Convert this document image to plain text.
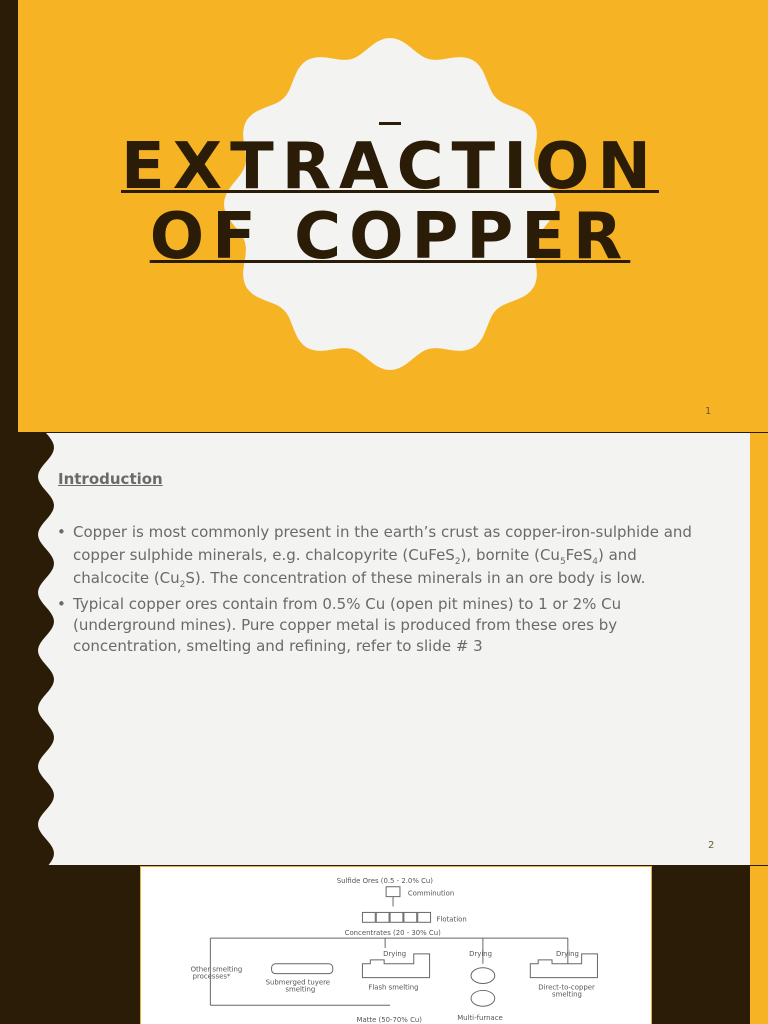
EXTRACTION
OF COPPER
1
Introduction
• Copper is most commonly present in the earth’s crust as copper-iron-sulphide and copper sulphide minerals, e.g. chalcopyrite (CuFeS$_2$), bornite $(Cu_5FeS_4)$ and chalcocite $(Cu_2S)$. The concentration of these minerals in an ore body is low.
• Typical copper ores contain from 0.5% Cu (open pit mines) to 1 or 2% Cu (underground mines). Pure copper metal is produced from these ores by concentration, smelting and refining, refer to slide # 3
2
Sulfide Ores (0.5 - 2.0% Cu)
Comminution
Flotation
Concentrates (20 - 30% Cu)
Drying	Drying	Drying
Other smelting
processes*
Submerged tuyere
smelting	Flash smelting	Direct-to-copper
smelting
Matte (50-70% Cu)	Multi-furnace
